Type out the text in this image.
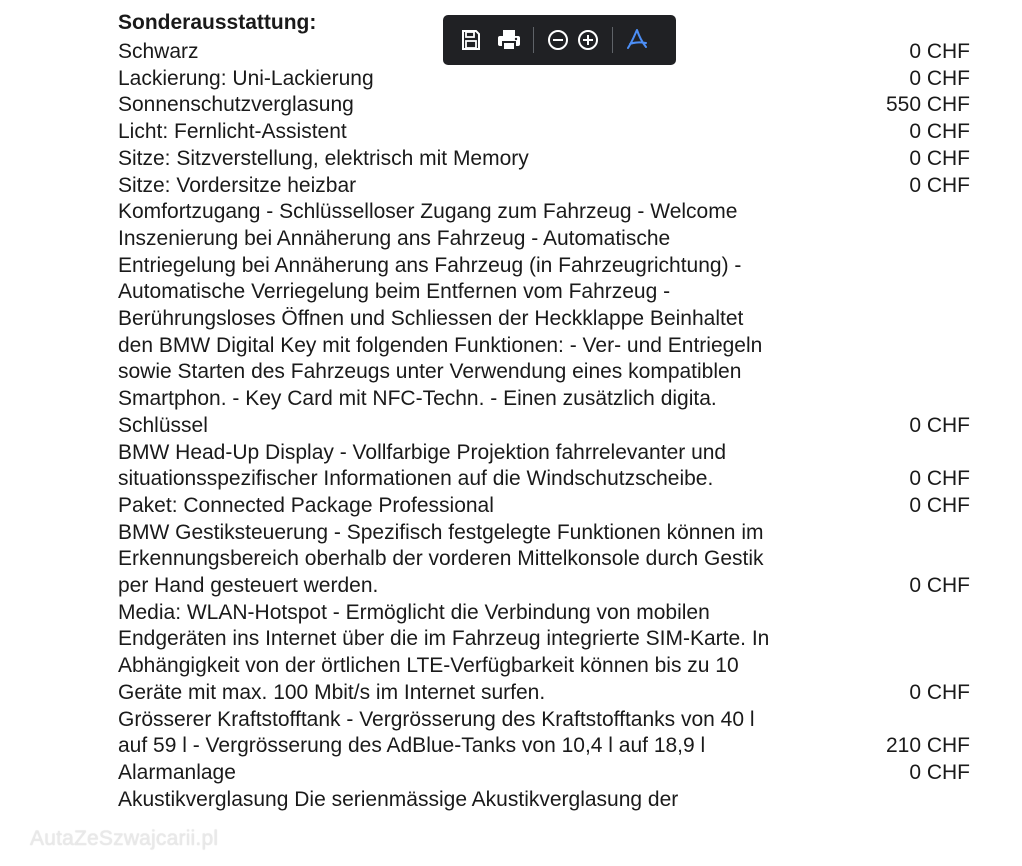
Sonderausstattung:
Schwarz	0 CHF
Lackierung: Uni-Lackierung	0 CHF
Sonnenschutzverglasung	550 CHF
Licht: Fernlicht-Assistent	0 CHF
Sitze: Sitzverstellung, elektrisch mit Memory	0 CHF
Sitze: Vordersitze heizbar	0 CHF
Komfortzugang - Schlüsselloser Zugang zum Fahrzeug - Welcome
Inszenierung bei Annäherung ans Fahrzeug - Automatische
Entriegelung bei Annäherung ans Fahrzeug (in Fahrzeugrichtung) -
Automatische Verriegelung beim Entfernen vom Fahrzeug -
Berührungsloses Öffnen und Schliessen der Heckklappe Beinhaltet
den BMW Digital Key mit folgenden Funktionen: - Ver- und Entriegeln
sowie Starten des Fahrzeugs unter Verwendung eines kompatiblen
Smartphon. - Key Card mit NFC-Techn. - Einen zusätzlich digita.
Schlüssel	0 CHF
BMW Head-Up Display - Vollfarbige Projektion fahrrelevanter und
situationsspezifischer Informationen auf die Windschutzscheibe.	0 CHF
Paket: Connected Package Professional	0 CHF
BMW Gestiksteuerung - Spezifisch festgelegte Funktionen können im
Erkennungsbereich oberhalb der vorderen Mittelkonsole durch Gestik
per Hand gesteuert werden.	0 CHF
Media: WLAN-Hotspot - Ermöglicht die Verbindung von mobilen
Endgeräten ins Internet über die im Fahrzeug integrierte SIM-Karte. In
Abhängigkeit von der örtlichen LTE-Verfügbarkeit können bis zu 10
Geräte mit max. 100 Mbit/s im Internet surfen.	0 CHF
Grösserer Kraftstofftank - Vergrösserung des Kraftstofftanks von 40 l
auf 59 l - Vergrösserung des AdBlue-Tanks von 10,4 l auf 18,9 l	210 CHF
Alarmanlage	0 CHF
Akustikverglasung Die serienmässige Akustikverglasung der
AutaZeSzwajcarii.pl
